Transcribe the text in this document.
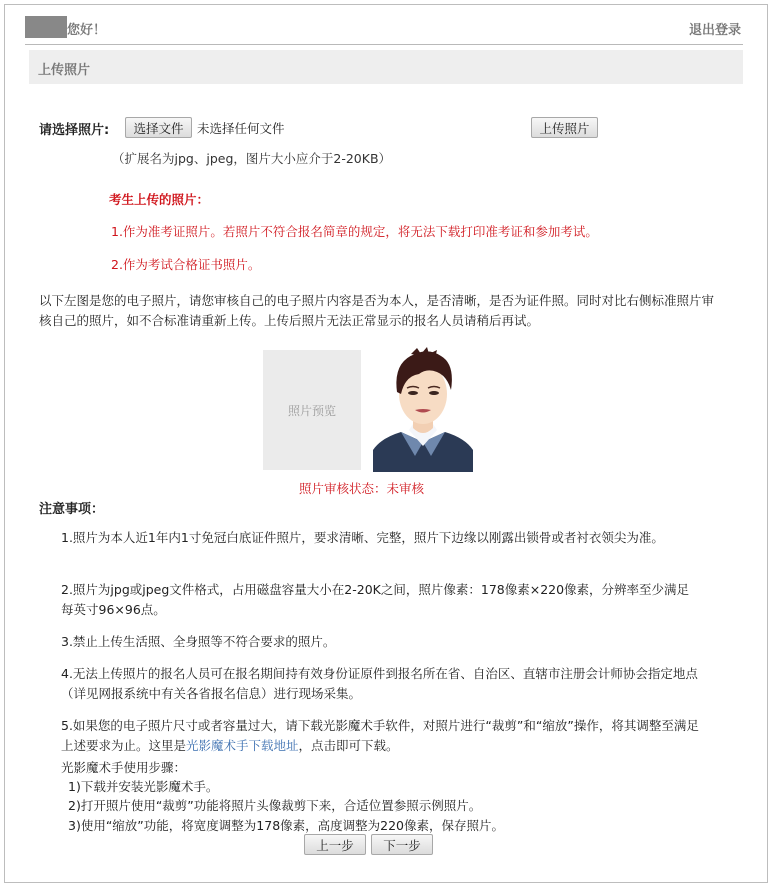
您好！	退出登录
上传照片
请选择照片:	选择文件	未选择任何文件	上传照片
（扩展名为jpg、jpeg，图片大小应介于2-20KB）
考生上传的照片：
1.作为准考证照片。若照片不符合报名简章的规定，将无法下载打印准考证和参加考试。
2.作为考试合格证书照片。
以下左图是您的电子照片，请您审核自己的电子照片内容是否为本人，是否清晰，是否为证件照。同时对比右侧标准照片审核自己的照片，如不合标准请重新上传。上传后照片无法正常显示的报名人员请稍后再试。
照片预览
照片审核状态：未审核
注意事项：
1.照片为本人近1年内1寸免冠白底证件照片，要求清晰、完整，照片下边缘以刚露出锁骨或者衬衣领尖为准。
2.照片为jpg或jpeg文件格式，占用磁盘容量大小在2-20K之间，照片像素：178像素×220像素，分辨率至少满足每英寸96×96点。
3.禁止上传生活照、全身照等不符合要求的照片。
4.无法上传照片的报名人员可在报名期间持有效身份证原件到报名所在省、自治区、直辖市注册会计师协会指定地点（详见网报系统中有关各省报名信息）进行现场采集。
5.如果您的电子照片尺寸或者容量过大，请下载光影魔术手软件，对照片进行“裁剪”和“缩放”操作，将其调整至满足上述要求为止。这里是光影魔术手下载地址，点击即可下载。
光影魔术手使用步骤：
1)下载并安装光影魔术手。
2)打开照片使用“裁剪”功能将照片头像裁剪下来，合适位置参照示例照片。
3)使用“缩放”功能，将宽度调整为178像素，高度调整为220像素，保存照片。
上一步	下一步
